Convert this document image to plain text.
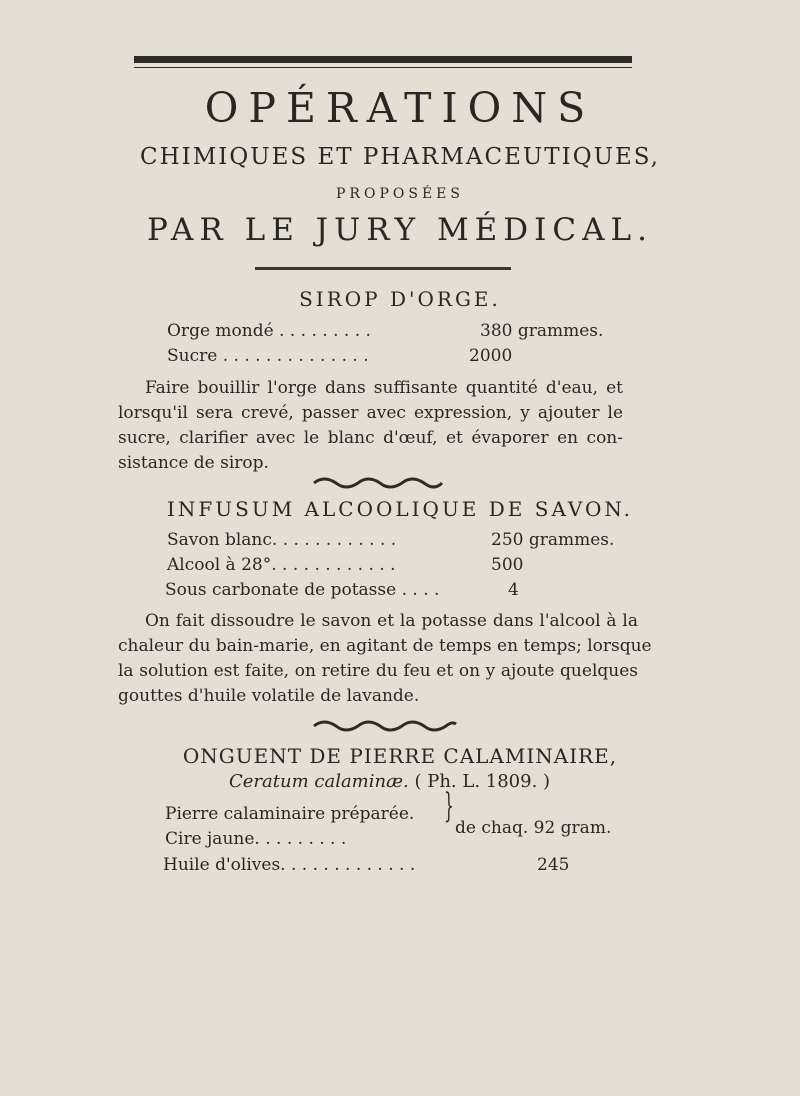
OPÉRATIONS
CHIMIQUES ET PHARMACEUTIQUES,
PROPOSÉES
PAR LE JURY MÉDICAL.
SIROP D'ORGE.
Orge mondé . . . . . . . . .	380 grammes.
Sucre . . . . . . . . . . . . . .	2000
Faire bouillir l'orge dans suffisante quantité d'eau, et
lorsqu'il sera crevé, passer avec expression, y ajouter le
sucre, clarifier avec le blanc d'œuf, et évaporer en con-
sistance de sirop.
INFUSUM ALCOOLIQUE DE SAVON.
Savon blanc. . . . . . . . . . . .	250 grammes.
Alcool à 28°. . . . . . . . . . . .	500
Sous carbonate de potasse . . . .	4
On fait dissoudre le savon et la potasse dans l'alcool à la
chaleur du bain-marie, en agitant de temps en temps; lorsque
la solution est faite, on retire du feu et on y ajoute quelques
gouttes d'huile volatile de lavande.
ONGUENT DE PIERRE CALAMINAIRE,
Ceratum calaminæ. ( Ph. L. 1809. )
Pierre calaminaire préparée.
Cire jaune. . . . . . . . .
}
de chaq. 92 gram.
Huile d'olives. . . . . . . . . . . . .	245
